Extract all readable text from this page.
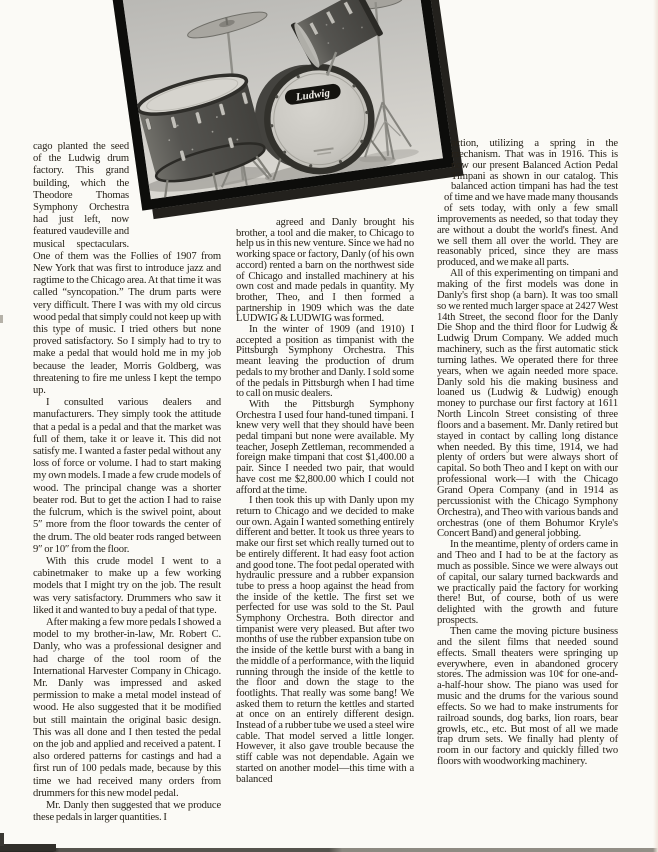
Ludwig

cago planted the seed of the Ludwig drum factory. This grand building, which the Theodore Thomas Symphony Orchestra had just left, now featured vaudeville and musical spectaculars. One of them was the Follies of 1907 from New York that was first to introduce jazz and ragtime to the Chicago area. At that time it was called “syncopation.” The drum parts were very difficult. There I was with my old circus wood pedal that simply could not keep up with this type of music. I tried others but none proved satisfactory. So I simply had to try to make a pedal that would hold me in my job because the leader, Morris Goldberg, was threatening to fire me unless I kept the tempo up.

I consulted various dealers and manufacturers. They simply took the attitude that a pedal is a pedal and that the market was full of them, take it or leave it. This did not satisfy me. I wanted a faster pedal without any loss of force or volume. I had to start making my own models. I made a few crude models of wood. The principal change was a shorter beater rod. But to get the action I had to raise the fulcrum, which is the swivel point, about 5″ more from the floor towards the center of the drum. The old beater rods ranged between 9″ or 10″ from the floor.

With this crude model I went to a cabinetmaker to make up a few working models that I might try on the job. The result was very satisfactory. Drummers who saw it liked it and wanted to buy a pedal of that type.

After making a few more pedals I showed a model to my brother-in-law, Mr. Robert C. Danly, who was a professional designer and had charge of the tool room of the International Harvester Company in Chicago. Mr. Danly was impressed and asked permission to make a metal model instead of wood. He also suggested that it be modified but still maintain the original basic design. This was all done and I then tested the pedal on the job and applied and received a patent. I also ordered patterns for castings and had a first run of 100 pedals made, because by this time we had received many orders from drummers for this new model pedal.

Mr. Danly then suggested that we produce these pedals in larger quantities. I

agreed and Danly brought his brother, a tool and die maker, to Chicago to help us in this new venture. Since we had no working space or factory, Danly (of his own accord) rented a barn on the northwest side of Chicago and installed machinery at his own cost and made pedals in quantity. My brother, Theo, and I then formed a partnership in 1909 which was the date LUDWIG & LUDWIG was formed.

In the winter of 1909 (and 1910) I accepted a position as timpanist with the Pittsburgh Symphony Orchestra. This meant leaving the production of drum pedals to my brother and Danly. I sold some of the pedals in Pittsburgh when I had time to call on music dealers.

With the Pittsburgh Symphony Orchestra I used four hand-tuned timpani. I knew very well that they should have been pedal timpani but none were available. My teacher, Joseph Zettleman, recommended a foreign make timpani that cost $1,400.00 a pair. Since I needed two pair, that would have cost me $2,800.00 which I could not afford at the time.

I then took this up with Danly upon my return to Chicago and we decided to make our own. Again I wanted something entirely different and better. It took us three years to make our first set which really turned out to be entirely different. It had easy foot action and good tone. The foot pedal operated with hydraulic pressure and a rubber expansion tube to press a hoop against the head from the inside of the kettle. The first set we perfected for use was sold to the St. Paul Symphony Orchestra. Both director and timpanist were very pleased. But after two months of use the rubber expansion tube on the inside of the kettle burst with a bang in the middle of a performance, with the liquid running through the inside of the kettle to the floor and down the stage to the footlights. That really was some bang! We asked them to return the kettles and started at once on an entirely different design. Instead of a rubber tube we used a steel wire cable. That model served a little longer. However, it also gave trouble because the stiff cable was not dependable. Again we started on another model—this time with a balanced

action, utilizing a spring in the mechanism. That was in 1916. This is now our present Balanced Action Pedal Timpani as shown in our catalog. This balanced action timpani has had the test of time and we have made many thousands of sets today, with only a few small improvements as needed, so that today they are without a doubt the world's finest. And we sell them all over the world. They are reasonably priced, since they are mass produced, and we make all parts.

All of this experimenting on timpani and making of the first models was done in Danly's first shop (a barn). It was too small so we rented much larger space at 2427 West 14th Street, the second floor for the Danly Die Shop and the third floor for Ludwig & Ludwig Drum Company. We added much machinery, such as the first automatic stick turning lathes. We operated there for three years, when we again needed more space. Danly sold his die making business and loaned us (Ludwig & Ludwig) enough money to purchase our first factory at 1611 North Lincoln Street consisting of three floors and a basement. Mr. Danly retired but stayed in contact by calling long distance when needed. By this time, 1914, we had plenty of orders but were always short of capital. So both Theo and I kept on with our professional work—I with the Chicago Grand Opera Company (and in 1914 as percussionist with the Chicago Symphony Orchestra), and Theo with various bands and orchestras (one of them Bohumor Kryle's Concert Band) and general jobbing.

In the meantime, plenty of orders came in and Theo and I had to be at the factory as much as possible. Since we were always out of capital, our salary turned backwards and we practically paid the factory for working there! But, of course, both of us were delighted with the growth and future prospects.

Then came the moving picture business and the silent films that needed sound effects. Small theaters were springing up everywhere, even in abandoned grocery stores. The admission was 10¢ for one-and-a-half-hour show. The piano was used for music and the drums for the various sound effects. So we had to make instruments for railroad sounds, dog barks, lion roars, bear growls, etc., etc. But most of all we made trap drum sets. We finally had plenty of room in our factory and quickly filled two floors with woodworking machinery.
